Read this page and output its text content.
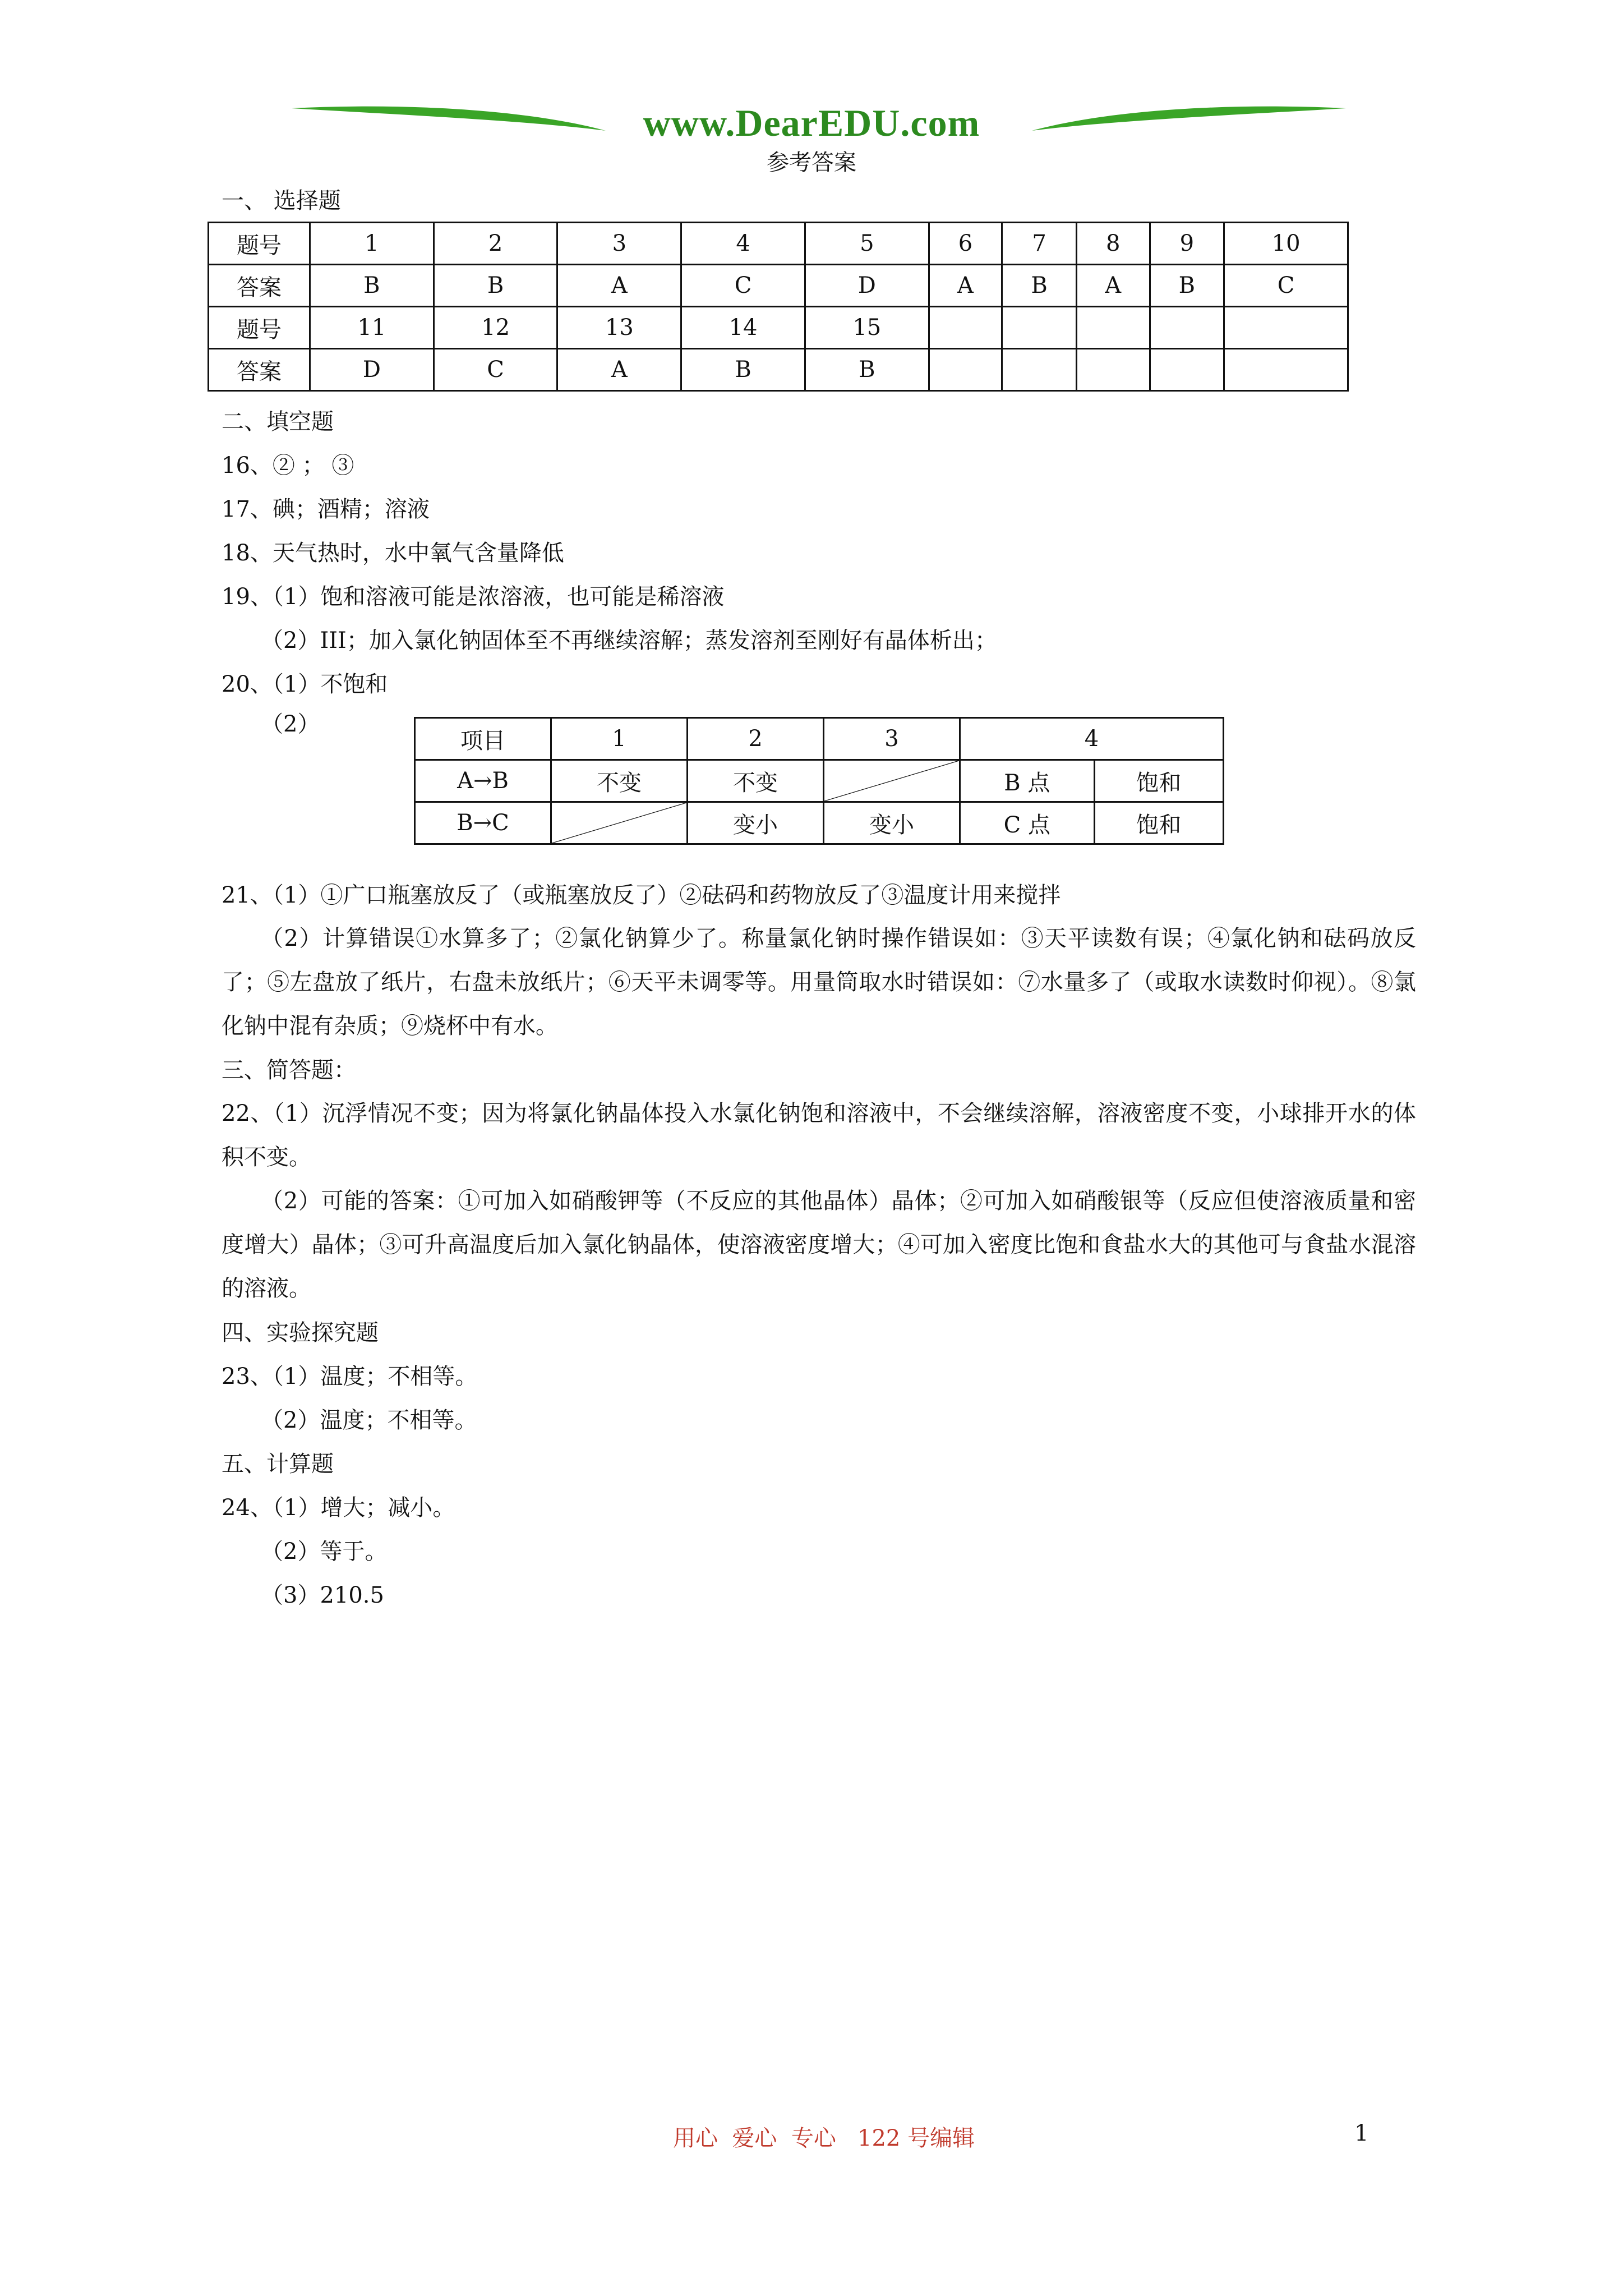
www.DearEDU.com
参考答案
一、 选择题
题号	1	2	3	4	5	6	7	8	9	10
答案	B	B	A	C	D	A	B	A	B	C
题号	11	12	13	14	15					
答案	D	C	A	B	B					
二、填空题
16、② ； ③
17、碘；酒精；溶液
18、天气热时，水中氧气含量降低
19、（1）饱和溶液可能是浓溶液，也可能是稀溶液
（2）III；加入氯化钠固体至不再继续溶解；蒸发溶剂至刚好有晶体析出；
20、（1）不饱和
（2）
项目	1	2	3	4	
A→B	不变	不变		B 点	饱和
B→C		变小	变小	C 点	饱和
21、（1）①广口瓶塞放反了（或瓶塞放反了）②砝码和药物放反了③温度计用来搅拌
（2）计算错误①水算多了；②氯化钠算少了。称量氯化钠时操作错误如：③天平读数有误；④氯化钠和砝码放反了；⑤左盘放了纸片，右盘未放纸片；⑥天平未调零等。用量筒取水时错误如：⑦水量多了（或取水读数时仰视）。⑧氯化钠中混有杂质；⑨烧杯中有水。
三、简答题：
22、（1）沉浮情况不变；因为将氯化钠晶体投入水氯化钠饱和溶液中，不会继续溶解，溶液密度不变，小球排开水的体积不变。
（2）可能的答案：①可加入如硝酸钾等（不反应的其他晶体）晶体；②可加入如硝酸银等（反应但使溶液质量和密度增大）晶体；③可升高温度后加入氯化钠晶体，使溶液密度增大；④可加入密度比饱和食盐水大的其他可与食盐水混溶的溶液。
四、实验探究题
23、（1）温度；不相等。
（2）温度；不相等。
五、计算题
24、（1）增大；减小。
（2）等于。
（3）210.5
用心  爱心  专心   122 号编辑	1
